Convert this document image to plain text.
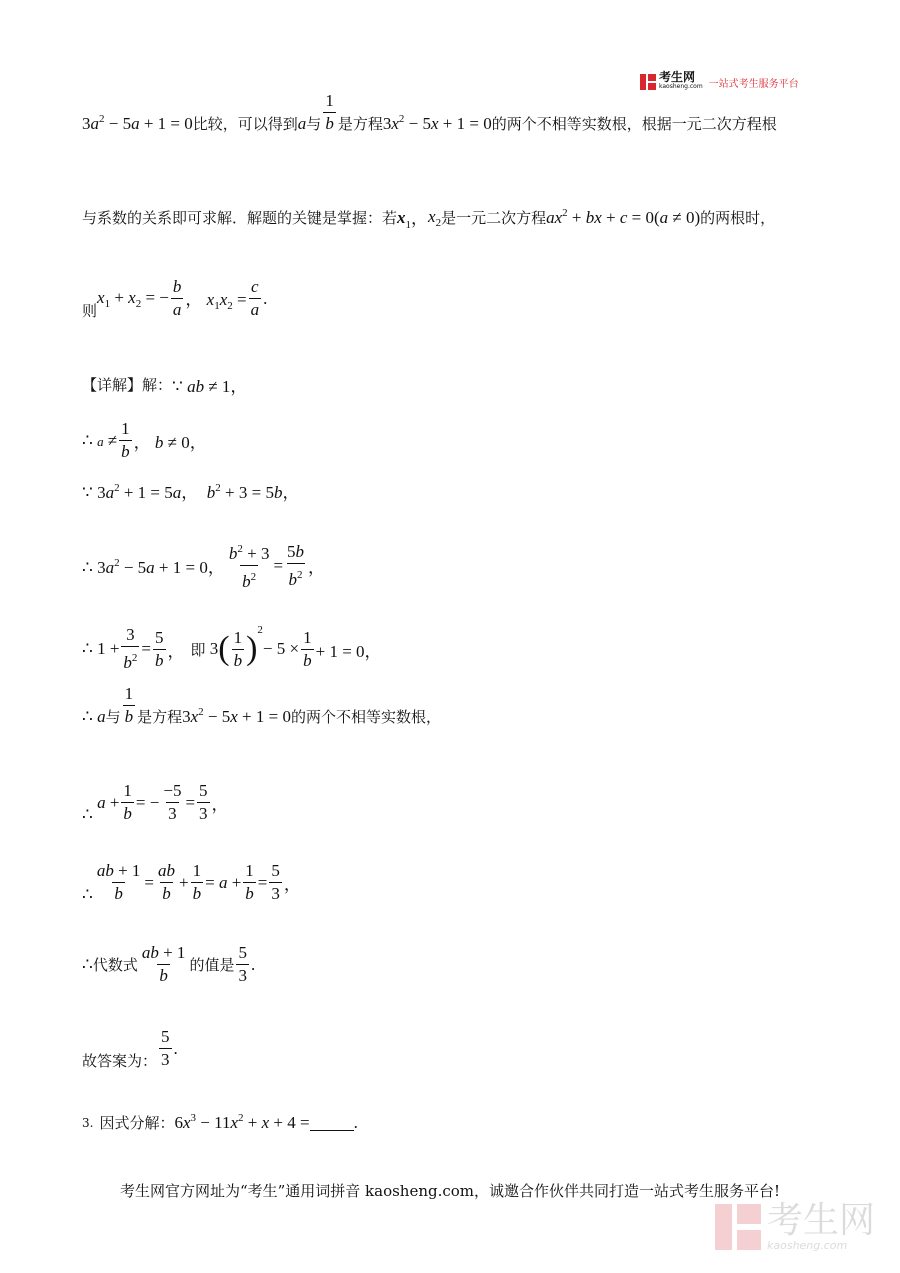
考生网
kaosheng.com 一站式考生服务平台
$3a^2 - 5a + 1 = 0$ 比较，可以得到 a 与 $\frac{1}{b}$ 是方程 $3x^2 - 5x + 1 = 0$ 的两个不相等实数根，根据一元二次方程根
与系数的关系即可求解．解题的关键是掌握：若 x $_1$， $x_2$ 是一元二次方程 $ax^2$ + bx + c = 0(a ≠ 0) 的两根时，
则
$x_1 + x_2$ = − $\frac{b}{a}$ ， $x_1x_2 = \frac{c}{a}$ .
【详解】解： ∵ ab ≠ 1，
∴ $a \ne \frac{1}{b}$ ， b ≠ 0，
∵ $3a^2 + 1 = 5a$，  $b^2 + 3 = 5b$，
∴ $3a^2 - 5a + 1 = 0$， $\frac{b^2 + 3}{b^2} = \frac{5b}{b^2}$ ，
∴ $1 + \frac{3}{b^2} = \frac{5}{b}$ ， 即 3 ( $\frac{1}{b}$ ) $^2$
− $5 \times \frac{1}{b} + 1 = 0$，
∴ a 与 $\frac{1}{b}$ 是方程 $3x^2 - 5x + 1 = 0$ 的两个不相等实数根，
∴
$a + \frac{1}{b}$ = − $\frac{-5}{3} = \frac{5}{3}$ ，
∴ $\frac{ab + 1}{b} = \frac{ab}{b} + \frac{1}{b} = a + \frac{1}{b} = \frac{5}{3}$ ，
∴ 代数式 $\frac{ab + 1}{b}$ 的值是 $\frac{5}{3}$ .
故答案为： $\frac{5}{3}$ .
3. 因式分解： $6x^3 - 11x^2 + x + 4$ =	.
考生网官方网址为“考生”通用词拼音 kaosheng.com，诚邀合作伙伴共同打造一站式考生服务平台!
考生网
kaosheng.com
